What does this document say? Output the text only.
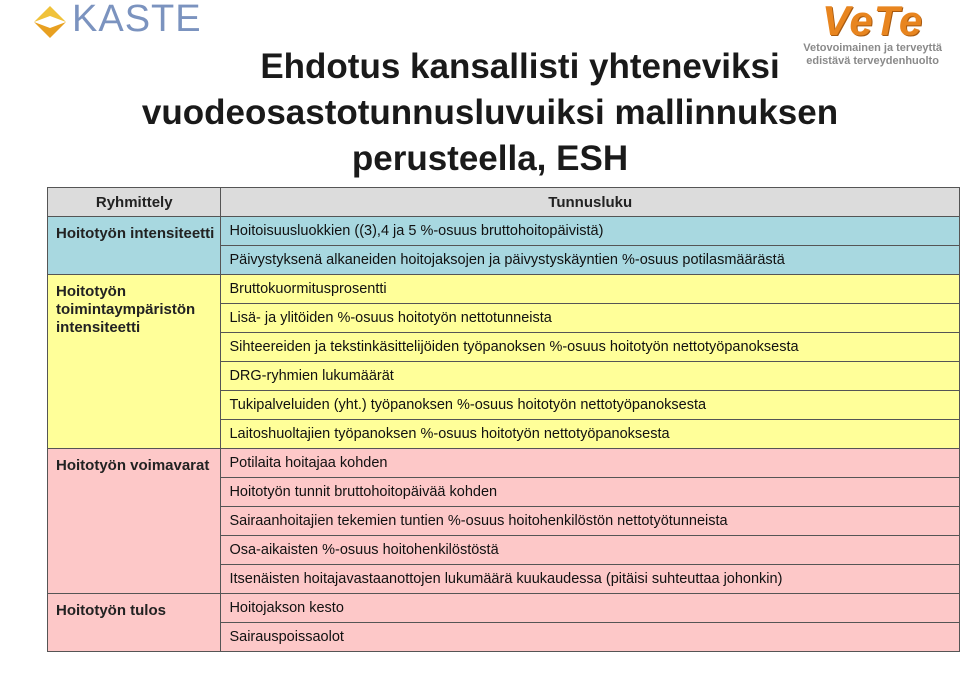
KASTE	VeTe
Vetovoimainen ja terveyttä
edistävä terveydenhuolto
Ehdotus kansallisti yhteneviksi
vuodeosastotunnusluvuiksi mallinnuksen
perusteella, ESH
Ryhmittely	Tunnusluku
Hoitotyön intensiteetti	Hoitoisuusluokkien ((3),4 ja 5 %-osuus bruttohoitopäivistä)
	Päivystyksenä alkaneiden hoitojaksojen ja päivystyskäyntien %-osuus potilasmäärästä
Hoitotyön toimintaympäristön intensiteetti	Bruttokuormitusprosentti
	Lisä- ja ylitöiden %-osuus hoitotyön nettotunneista
	Sihteereiden ja tekstinkäsittelijöiden työpanoksen %-osuus hoitotyön nettotyöpanoksesta
	DRG-ryhmien lukumäärät
	Tukipalveluiden (yht.) työpanoksen %-osuus hoitotyön nettotyöpanoksesta
	Laitoshuoltajien työpanoksen %-osuus hoitotyön nettotyöpanoksesta
Hoitotyön voimavarat	Potilaita hoitajaa kohden
	Hoitotyön tunnit bruttohoitopäivää kohden
	Sairaanhoitajien tekemien tuntien %-osuus hoitohenkilöstön nettotyötunneista
	Osa-aikaisten %-osuus hoitohenkilöstöstä
	Itsenäisten hoitajavastaanottojen lukumäärä kuukaudessa (pitäisi suhteuttaa johonkin)
Hoitotyön tulos	Hoitojakson kesto
	Sairauspoissaolot
